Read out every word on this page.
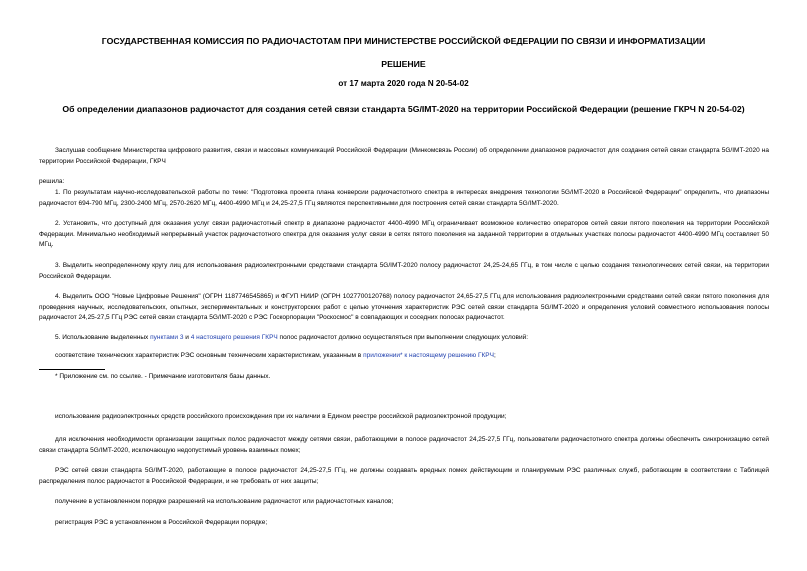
ГОСУДАРСТВЕННАЯ КОМИССИЯ ПО РАДИОЧАСТОТАМ ПРИ МИНИСТЕРСТВЕ РОССИЙСКОЙ ФЕДЕРАЦИИ ПО СВЯЗИ И ИНФОРМАТИЗАЦИИ
РЕШЕНИЕ
от 17 марта 2020 года N 20-54-02
Об определении диапазонов радиочастот для создания сетей связи стандарта 5G/IMT-2020 на территории Российской Федерации (решение ГКРЧ N 20-54-02)

Заслушав сообщение Министерства цифрового развития, связи и массовых коммуникаций Российской Федерации (Минкомсвязь России) об определении диапазонов радиочастот для создания сетей связи стандарта 5G/IMT-2020 на территории Российской Федерации, ГКРЧ

решила:

1. По результатам научно-исследовательской работы по теме: "Подготовка проекта плана конверсии радиочастотного спектра в интересах внедрения технологии 5G/IMT-2020 в Российской Федерации" определить, что диапазоны радиочастот 694-790 МГц, 2300-2400 МГц, 2570-2620 МГц, 4400-4990 МГц и 24,25-27,5 ГГц являются перспективными для построения сетей связи стандарта 5G/IMT-2020.

2. Установить, что доступный для оказания услуг связи радиочастотный спектр в диапазоне радиочастот 4400-4990 МГц ограничивает возможное количество операторов сетей связи пятого поколения на территории Российской Федерации. Минимально необходимый непрерывный участок радиочастотного спектра для оказания услуг связи в сетях пятого поколения на заданной территории в отдельных участках полосы радиочастот 4400-4990 МГц составляет 50 МГц.

3. Выделить неопределенному кругу лиц для использования радиоэлектронными средствами стандарта 5G/IMT-2020 полосу радиочастот 24,25-24,65 ГГц, в том числе с целью создания технологических сетей связи, на территории Российской Федерации.

4. Выделить ООО "Новые Цифровые Решения" (ОГРН 1187746545865) и ФГУП НИИР (ОГРН 1027700120768) полосу радиочастот 24,65-27,5 ГГц для использования радиоэлектронными средствами сетей связи пятого поколения для проведения научных, исследовательских, опытных, экспериментальных и конструкторских работ с целью уточнения характеристик РЭС сетей связи стандарта 5G/IMT-2020 и определения условий совместного использования полосы радиочастот 24,25-27,5 ГГц РЭС сетей связи стандарта 5G/IMT-2020 с РЭС Госкорпорации "Роскосмос" в совпадающих и соседних полосах радиочастот.

5. Использование выделенных пунктами 3 и 4 настоящего решения ГКРЧ полос радиочастот должно осуществляться при выполнении следующих условий:

соответствие технических характеристик РЭС основным техническим характеристикам, указанным в приложении* к настоящему решению ГКРЧ;

* Приложение см. по ссылке. - Примечание изготовителя базы данных.

использование радиоэлектронных средств российского происхождения при их наличии в Едином реестре российской радиоэлектронной продукции;

для исключения необходимости организации защитных полос радиочастот между сетями связи, работающими в полосе радиочастот 24,25-27,5 ГГц, пользователи радиочастотного спектра должны обеспечить синхронизацию сетей связи стандарта 5G/IMT-2020, исключающую недопустимый уровень взаимных помех;

РЭС сетей связи стандарта 5G/IMT-2020, работающие в полосе радиочастот 24,25-27,5 ГГц, не должны создавать вредных помех действующим и планируемым РЭС различных служб, работающим в соответствии с Таблицей распределения полос радиочастот в Российской Федерации, и не требовать от них защиты;

получение в установленном порядке разрешений на использование радиочастот или радиочастотных каналов;

регистрация РЭС в установленном в Российской Федерации порядке;
